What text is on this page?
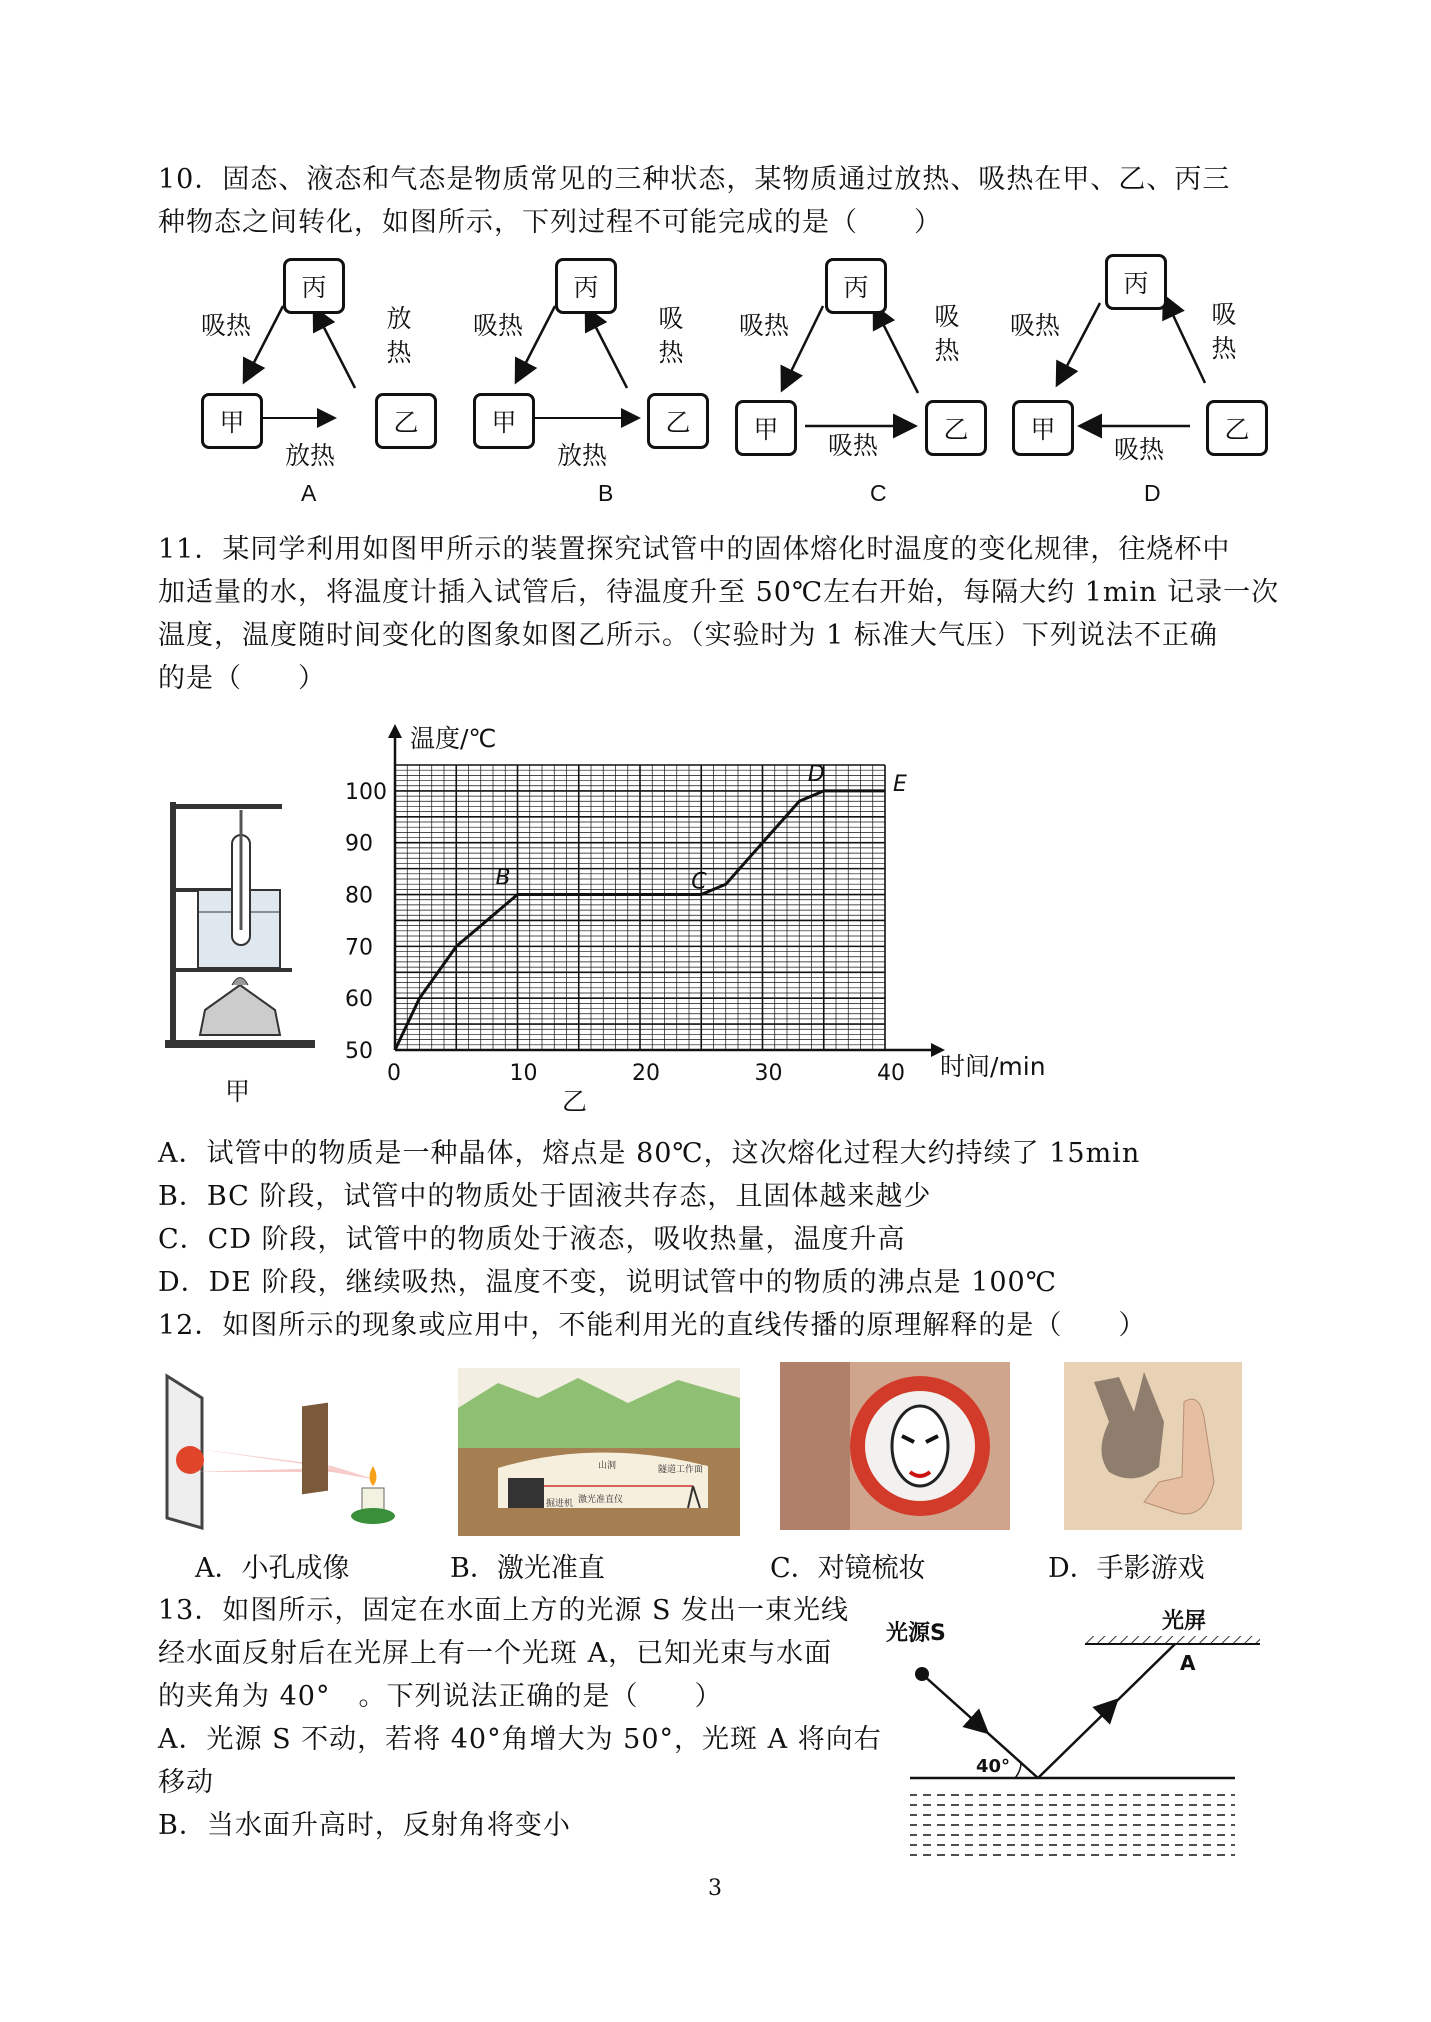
10．固态、液态和气态是物质常见的三种状态，某物质通过放热、吸热在甲、乙、丙三
种物态之间转化，如图所示，下列过程不可能完成的是（　　）
丙
甲	乙
吸热	放热
放热
A
丙
甲	乙
吸热	吸热
放热
B
丙
甲	乙
吸热	吸热
吸热
C
丙
甲	乙
吸热	吸热
吸热
D
11．某同学利用如图甲所示的装置探究试管中的固体熔化时温度的变化规律，往烧杯中
加适量的水，将温度计插入试管后，待温度升至 50℃左右开始，每隔大约 1min 记录一次
温度，温度随时间变化的图象如图乙所示。（实验时为 1 标准大气压）下列说法不正确
的是（　　）
甲
温度/℃
时间/min
0	10	20	30	40
50
60
70
80
90
100
B	C
D	E
乙
A．试管中的物质是一种晶体，熔点是 80℃，这次熔化过程大约持续了 15min
B．BC 阶段，试管中的物质处于固液共存态，且固体越来越少
C．CD 阶段，试管中的物质处于液态，吸收热量，温度升高
D．DE 阶段，继续吸热，温度不变，说明试管中的物质的沸点是 100℃
12．如图所示的现象或应用中，不能利用光的直线传播的原理解释的是（　　）
A．小孔成像
山洞
激光准直仪
隧道工作面
掘进机
B．激光准直	C．对镜梳妆	D．手影游戏
13．如图所示，固定在水面上方的光源 S 发出一束光线
经水面反射后在光屏上有一个光斑 A，已知光束与水面
的夹角为 40°　。下列说法正确的是（　　）
A．光源 S 不动，若将 40°角增大为 50°，光斑 A 将向右
移动
B．当水面升高时，反射角将变小
光源S	光屏
A
40°
3
